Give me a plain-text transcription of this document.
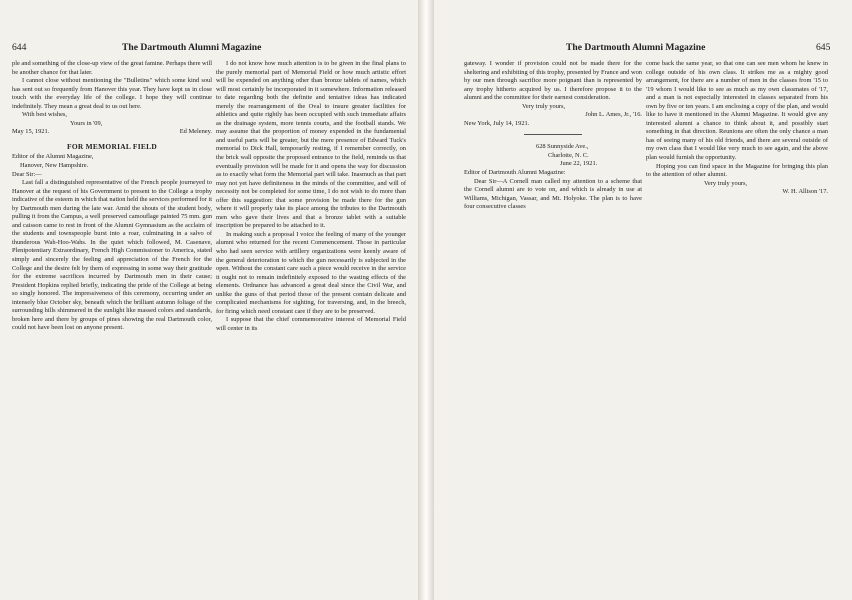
644	The Dartmouth Alumni Magazine

ple and something of the close-up view of the great famine. Perhaps there will be another chance for that later.

I cannot close without mentioning the "Bulletins" which some kind soul has sent out so frequently from Hanover this year. They have kept us in close touch with the everyday life of the college. I hope they will continue indefinitely. They mean a great deal to us out here.

With best wishes,

Yours in '09,

May 15, 1921.	Ed Meleney.

FOR MEMORIAL FIELD

Editor of the Alumni Magazine,

Hanover, New Hampshire.

Dear Sir:—

Last fall a distinguished representative of the French people journeyed to Hanover at the request of his Government to present to the College a trophy indicative of the esteem in which that nation held the services performed for it by Dartmouth men during the late war. Amid the shouts of the student body, pulling it from the Campus, a well preserved camouflage painted 75 mm. gun and caisson came to rest in front of the Alumni Gymnasium as the acclaim of the students and townspeople burst into a roar, culminating in a salvo of thunderous Wah-Hoo-Wahs. In the quiet which followed, M. Casenave, Plenipotentiary Extraordinary, French High Commissioner to America, stated simply and sincerely the feeling and appreciation of the French for the College and the desire felt by them of expressing in some way their gratitude for the extreme sacrifices incurred by Dartmouth men in their cause; President Hopkins replied briefly, indicating the pride of the College at being so singly honored. The impressiveness of this ceremony, occurring under an intensely blue October sky, beneath which the brilliant autumn foliage of the surrounding hills shimmered in the sunlight like massed colors and standards, broken here and there by groups of pines showing the real Dartmouth color, could not have been lost on anyone present.

I do not know how much attention is to be given in the final plans to the purely memorial part of Memorial Field or how much artistic effort will be expended on anything other than bronze tablets of names, which will most certainly be incorporated in it somewhere. Information released to date regarding both the definite and tentative ideas has indicated merely the rearrangement of the Oval to insure greater facilities for athletics and quite rightly has been occupied with such immediate affairs as the drainage system, more tennis courts, and the football stands. We may assume that the proportion of money expended in the fundamental and useful parts will be greater, but the mere presence of Edward Tuck's memorial to Dick Hall, temporarily resting, if I remember correctly, on the brick wall opposite the proposed entrance to the field, reminds us that eventually provision will be made for it and opens the way for discussion as to exactly what form the Memorial part will take. Inasmuch as that part may not yet have definiteness in the minds of the committee, and will of necessity not be completed for some time, I do not wish to do more than offer this suggestion: that some provision be made there for the gun where it will properly take its place among the tributes to the Dartmouth men who gave their lives and that a bronze tablet with a suitable inscription be prepared to be attached to it.

In making such a proposal I voice the feeling of many of the younger alumni who returned for the recent Commencement. Those in particular who had seen service with artillery organizations were keenly aware of the general deterioration to which the gun necessarily is subjected in the open. Without the constant care such a piece would receive in the service it ought not to remain indefinitely exposed to the wasting effects of the elements. Ordnance has advanced a great deal since the Civil War, and unlike the guns of that period those of the present contain delicate and complicated mechanisms for sighting, for traversing, and, in the breech, for firing which need constant care if they are to be preserved.

I suppose that the chief commemorative interest of Memorial Field will center in its

The Dartmouth Alumni Magazine	645

gateway. I wonder if provision could not be made there for the sheltering and exhibiting of this trophy, presented by France and won by our men through sacrifice more poignant than is represented by any trophy hitherto acquired by us. I therefore propose it to the alumni and the committee for their earnest consideration.

Very truly yours,

John L. Ames, Jr., '16.

New York, July 14, 1921.

628 Sunnyside Ave.,

Charlotte, N. C.

June 22, 1921.

Editor of Dartmouth Alumni Magazine:

Dear Sir—A Cornell man called my attention to a scheme that the Cornell alumni are to vote on, and which is already in use at Williams, Michigan, Vassar, and Mt. Holyoke. The plan is to have four consecutive classes

come back the same year, so that one can see men whom he knew in college outside of his own class. It strikes me as a mighty good arrangement, for there are a number of men in the classes from '15 to '19 whom I would like to see as much as my own classmates of '17, and a man is not especially interested in classes separated from his own by five or ten years. I am enclosing a copy of the plan, and would like to have it mentioned in the Alumni Magazine. It would give any interested alumni a chance to think about it, and possibly start something in that direction. Reunions are often the only chance a man has of seeing many of his old friends, and there are several outside of my own class that I would like very much to see again, and the above plan would furnish the opportunity.

Hoping you can find space in the Magazine for bringing this plan to the attention of other alumni.

Very truly yours,

W. H. Allison '17.
